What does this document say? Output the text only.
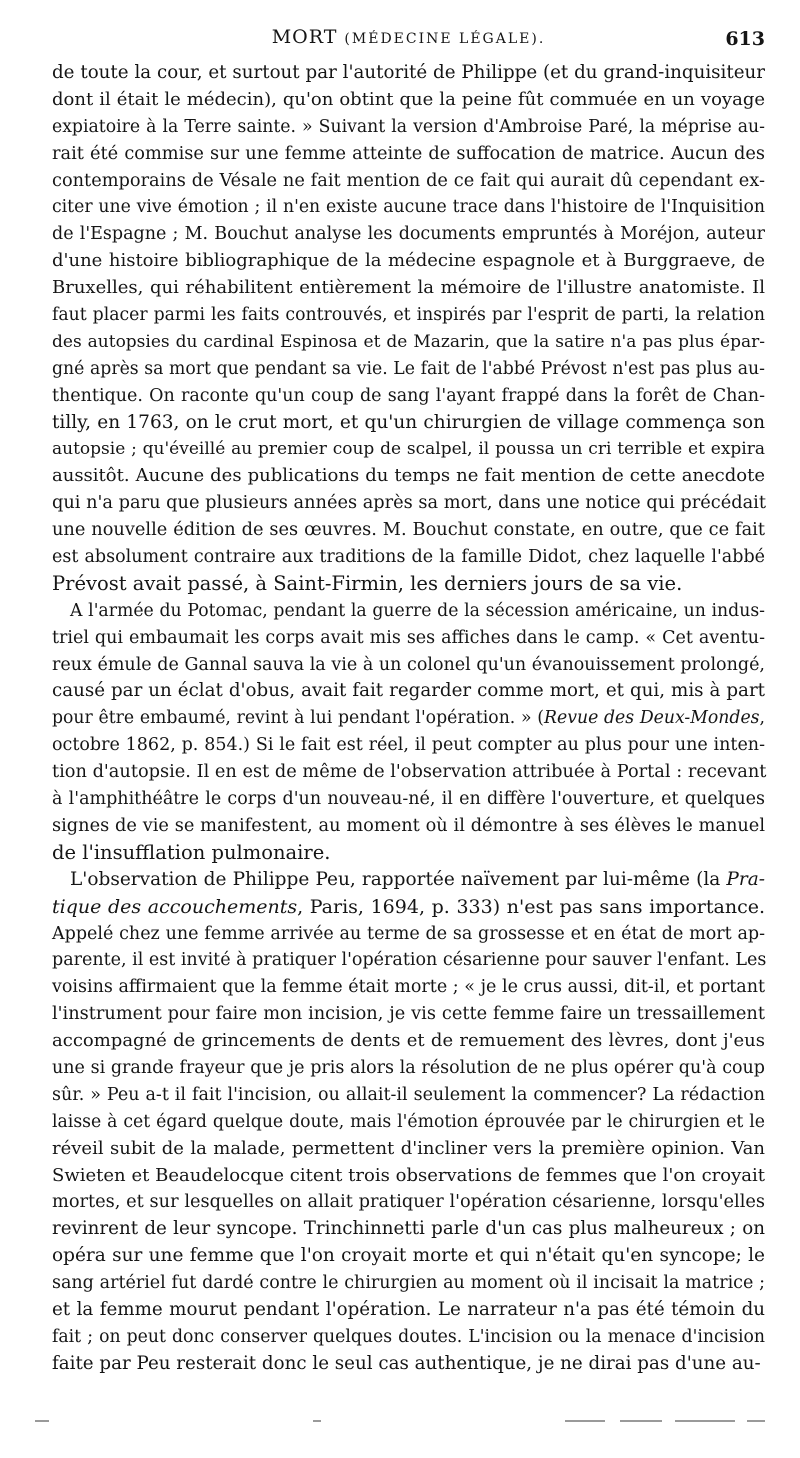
MORT (MÉDECINE LÉGALE).	613
de toute la cour, et surtout par l'autorité de Philippe (et du grand-inquisiteur
dont il était le médecin), qu'on obtint que la peine fût commuée en un voyage
expiatoire à la Terre sainte. » Suivant la version d'Ambroise Paré, la méprise au-
rait été commise sur une femme atteinte de suffocation de matrice. Aucun des
contemporains de Vésale ne fait mention de ce fait qui aurait dû cependant ex-
citer une vive émotion ; il n'en existe aucune trace dans l'histoire de l'Inquisition
de l'Espagne ; M. Bouchut analyse les documents empruntés à Moréjon, auteur
d'une histoire bibliographique de la médecine espagnole et à Burggraeve, de
Bruxelles, qui réhabilitent entièrement la mémoire de l'illustre anatomiste. Il
faut placer parmi les faits controuvés, et inspirés par l'esprit de parti, la relation
des autopsies du cardinal Espinosa et de Mazarin, que la satire n'a pas plus épar-
gné après sa mort que pendant sa vie. Le fait de l'abbé Prévost n'est pas plus au-
thentique. On raconte qu'un coup de sang l'ayant frappé dans la forêt de Chan-
tilly, en 1763, on le crut mort, et qu'un chirurgien de village commença son
autopsie ; qu'éveillé au premier coup de scalpel, il poussa un cri terrible et expira
aussitôt. Aucune des publications du temps ne fait mention de cette anecdote
qui n'a paru que plusieurs années après sa mort, dans une notice qui précédait
une nouvelle édition de ses œuvres. M. Bouchut constate, en outre, que ce fait
est absolument contraire aux traditions de la famille Didot, chez laquelle l'abbé
Prévost avait passé, à Saint-Firmin, les derniers jours de sa vie.
A l'armée du Potomac, pendant la guerre de la sécession américaine, un indus-
triel qui embaumait les corps avait mis ses affiches dans le camp. « Cet aventu-
reux émule de Gannal sauva la vie à un colonel qu'un évanouissement prolongé,
causé par un éclat d'obus, avait fait regarder comme mort, et qui, mis à part
pour être embaumé, revint à lui pendant l'opération. » (Revue des Deux-Mondes,
octobre 1862, p. 854.) Si le fait est réel, il peut compter au plus pour une inten-
tion d'autopsie. Il en est de même de l'observation attribuée à Portal : recevant
à l'amphithéâtre le corps d'un nouveau-né, il en diffère l'ouverture, et quelques
signes de vie se manifestent, au moment où il démontre à ses élèves le manuel
de l'insufflation pulmonaire.
L'observation de Philippe Peu, rapportée naïvement par lui-même (la Pra-
tique des accouchements, Paris, 1694, p. 333) n'est pas sans importance.
Appelé chez une femme arrivée au terme de sa grossesse et en état de mort ap-
parente, il est invité à pratiquer l'opération césarienne pour sauver l'enfant. Les
voisins affirmaient que la femme était morte ; « je le crus aussi, dit-il, et portant
l'instrument pour faire mon incision, je vis cette femme faire un tressaillement
accompagné de grincements de dents et de remuement des lèvres, dont j'eus
une si grande frayeur que je pris alors la résolution de ne plus opérer qu'à coup
sûr. » Peu a-t il fait l'incision, ou allait-il seulement la commencer? La rédaction
laisse à cet égard quelque doute, mais l'émotion éprouvée par le chirurgien et le
réveil subit de la malade, permettent d'incliner vers la première opinion. Van
Swieten et Beaudelocque citent trois observations de femmes que l'on croyait
mortes, et sur lesquelles on allait pratiquer l'opération césarienne, lorsqu'elles
revinrent de leur syncope. Trinchinnetti parle d'un cas plus malheureux ; on
opéra sur une femme que l'on croyait morte et qui n'était qu'en syncope; le
sang artériel fut dardé contre le chirurgien au moment où il incisait la matrice ;
et la femme mourut pendant l'opération. Le narrateur n'a pas été témoin du
fait ; on peut donc conserver quelques doutes. L'incision ou la menace d'incision
faite par Peu resterait donc le seul cas authentique, je ne dirai pas d'une au-
